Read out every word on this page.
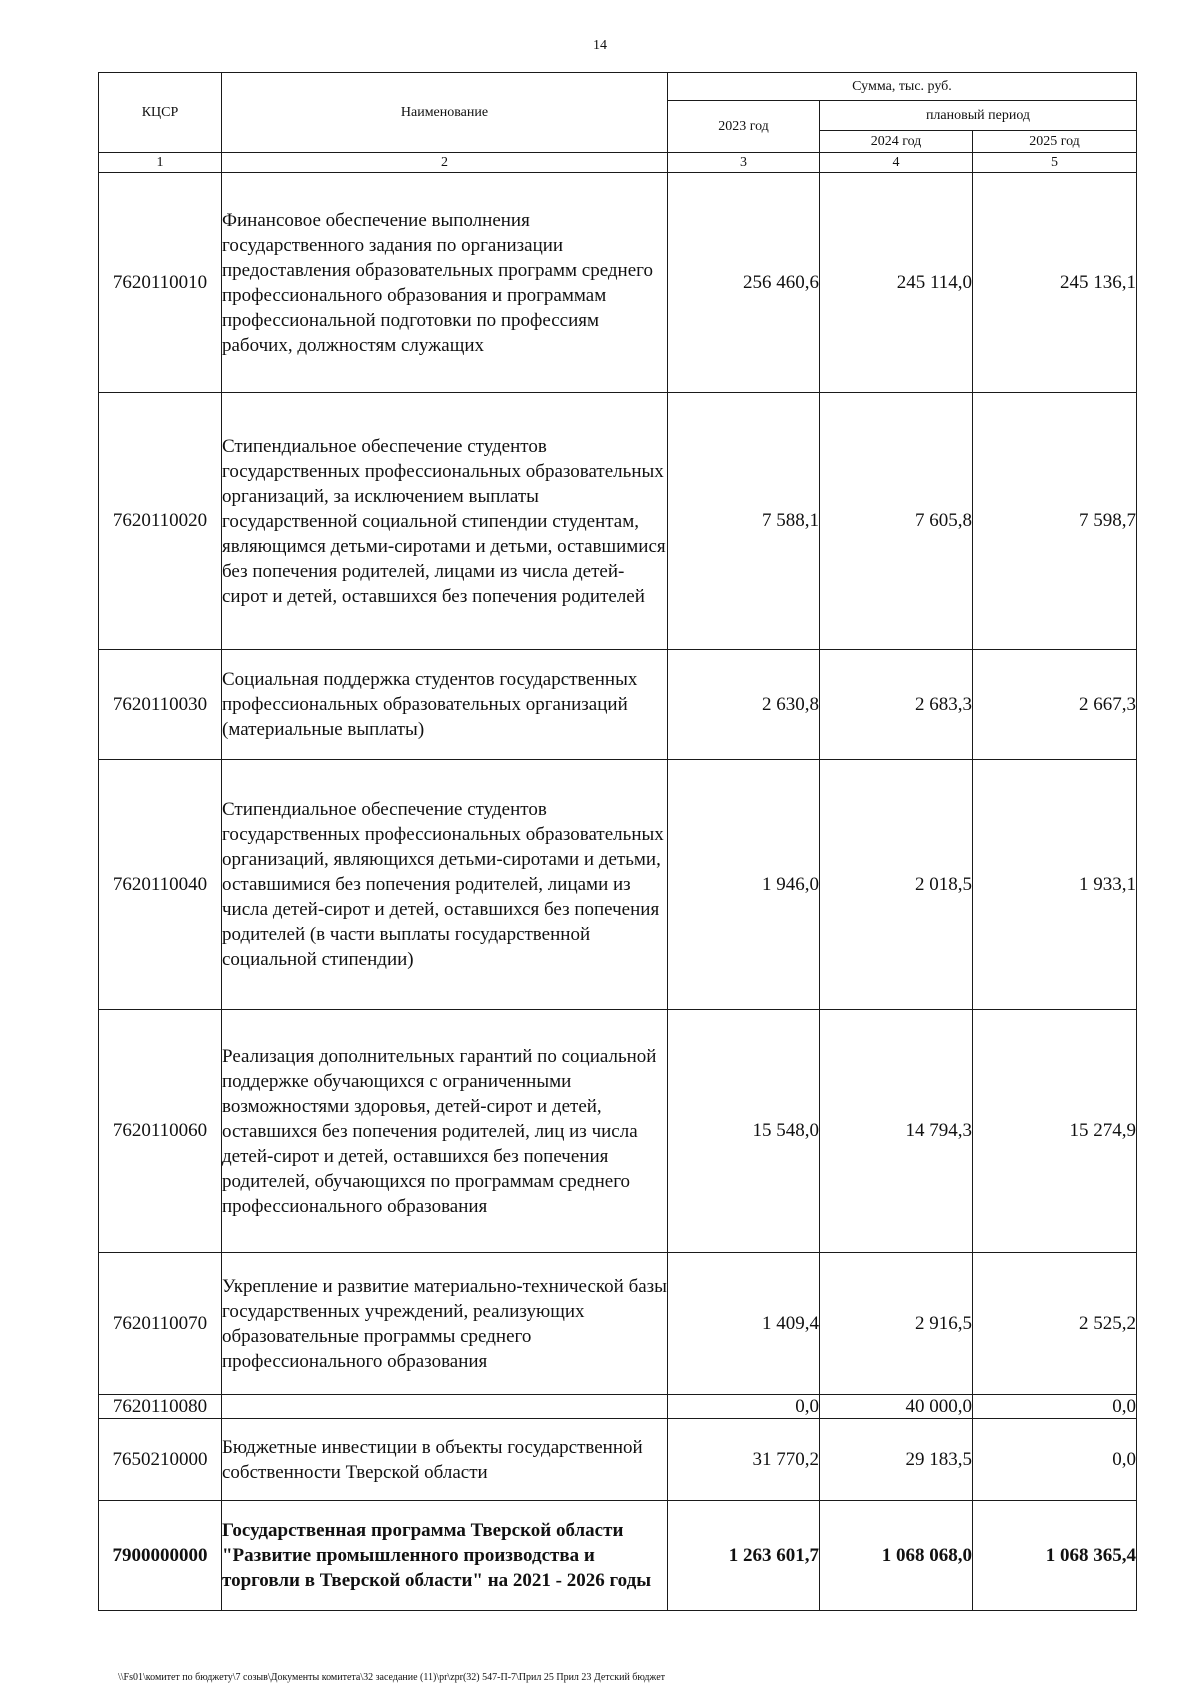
14
КЦСР	Наименование	Сумма, тыс. руб.		
		2023 год	плановый период	
			2024 год	2025 год
1	2	3	4	5
7620110010	Финансовое обеспечение выполнения государственного задания по организации предоставления образовательных программ среднего профессионального образования и программам профессиональной подготовки по профессиям рабочих, должностям служащих	256 460,6	245 114,0	245 136,1
7620110020	Стипендиальное обеспечение студентов государственных профессиональных образовательных организаций, за исключением выплаты государственной социальной стипендии студентам, являющимся детьми-сиротами и детьми, оставшимися без попечения родителей, лицами из числа детей-сирот и детей, оставшихся без попечения родителей	7 588,1	7 605,8	7 598,7
7620110030	Социальная поддержка студентов государственных профессиональных образовательных организаций (материальные выплаты)	2 630,8	2 683,3	2 667,3
7620110040	Стипендиальное обеспечение студентов государственных профессиональных образовательных организаций, являющихся детьми-сиротами и детьми, оставшимися без попечения родителей, лицами из числа детей-сирот и детей, оставшихся без попечения родителей (в части выплаты государственной социальной стипендии)	1 946,0	2 018,5	1 933,1
7620110060	Реализация дополнительных гарантий по социальной поддержке обучающихся с ограниченными возможностями здоровья, детей-сирот и детей, оставшихся без попечения родителей, лиц из числа детей-сирот и детей, оставшихся без попечения родителей, обучающихся по программам среднего профессионального образования	15 548,0	14 794,3	15 274,9
7620110070	Укрепление и развитие материально-технической базы государственных учреждений, реализующих образовательные программы среднего профессионального образования	1 409,4	2 916,5	2 525,2
7620110080		0,0	40 000,0	0,0
7650210000	Бюджетные инвестиции в объекты государственной собственности Тверской области	31 770,2	29 183,5	0,0
7900000000	Государственная программа Тверской области "Развитие промышленного производства и торговли в Тверской области" на 2021 - 2026 годы	1 263 601,7	1 068 068,0	1 068 365,4
\\Fs01\комитет по бюджету\7 созыв\Документы комитета\32 заседание (11)\pr\zpr(32) 547-П-7\Прил 25 Прил 23 Детский бюджет
